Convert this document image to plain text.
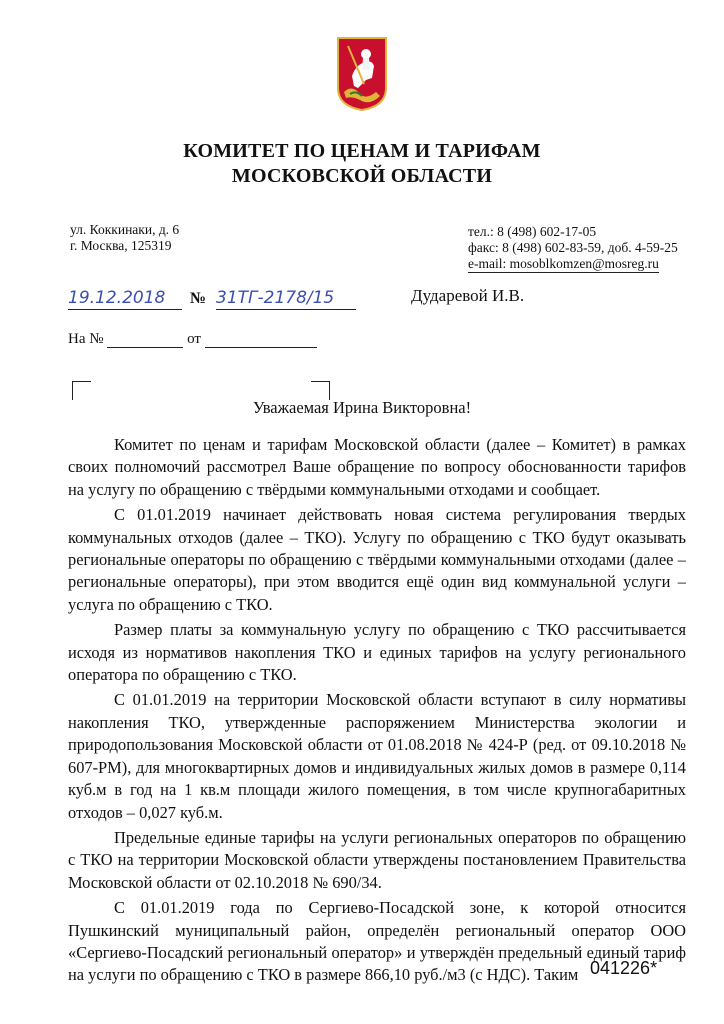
КОМИТЕТ ПО ЦЕНАМ И ТАРИФАМ
МОСКОВСКОЙ ОБЛАСТИ
ул. Коккинаки, д. 6
г. Москва, 125319
тел.: 8 (498) 602-17-05
факс: 8 (498) 602-83-59, доб. 4-59-25
e-mail: mosoblkomzen@mosreg.ru
19.12.2018	№ 31ТГ-2178/15	Дударевой И.В.
На №	от
Уважаемая Ирина Викторовна!

Комитет по ценам и тарифам Московской области (далее – Комитет) в рамках своих полномочий рассмотрел Ваше обращение по вопросу обоснованности тарифов на услугу по обращению с твёрдыми коммунальными отходами и сообщает.

С 01.01.2019 начинает действовать новая система регулирования твердых коммунальных отходов (далее – ТКО). Услугу по обращению с ТКО будут оказывать региональные операторы по обращению с твёрдыми коммунальными отходами (далее – региональные операторы), при этом вводится ещё один вид коммунальной услуги – услуга по обращению с ТКО.

Размер платы за коммунальную услугу по обращению с ТКО рассчитывается исходя из нормативов накопления ТКО и единых тарифов на услугу регионального оператора по обращению с ТКО.

С 01.01.2019 на территории Московской области вступают в силу нормативы накопления ТКО, утвержденные распоряжением Министерства экологии и природопользования Московской области от 01.08.2018 № 424-Р (ред. от 09.10.2018 № 607-РМ), для многоквартирных домов и индивидуальных жилых домов в размере 0,114 куб.м в год на 1 кв.м площади жилого помещения, в том числе крупногабаритных отходов – 0,027 куб.м.

Предельные единые тарифы на услуги региональных операторов по обращению с ТКО на территории Московской области утверждены постановлением Правительства Московской области от 02.10.2018 № 690/34.

С 01.01.2019 года по Сергиево-Посадской зоне, к которой относится Пушкинский муниципальный район, определён региональный оператор ООО «Сергиево-Посадский региональный оператор» и утверждён предельный единый тариф на услуги по обращению с ТКО в размере 866,10 руб./м3 (с НДС). Таким 041226*
